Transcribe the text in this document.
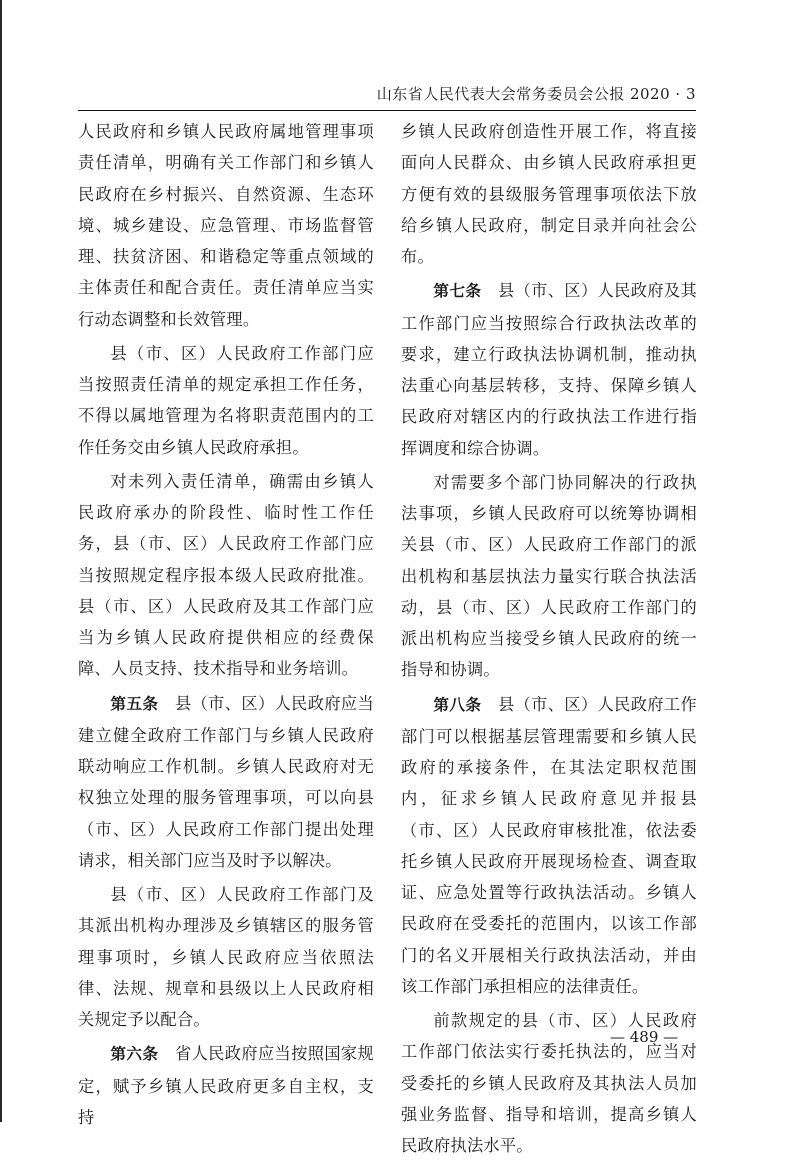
山东省人民代表大会常务委员会公报 2020 · 3

人民政府和乡镇人民政府属地管理事项责任清单，明确有关工作部门和乡镇人民政府在乡村振兴、自然资源、生态环境、城乡建设、应急管理、市场监督管理、扶贫济困、和谐稳定等重点领域的主体责任和配合责任。责任清单应当实行动态调整和长效管理。

县（市、区）人民政府工作部门应当按照责任清单的规定承担工作任务，不得以属地管理为名将职责范围内的工作任务交由乡镇人民政府承担。

对未列入责任清单，确需由乡镇人民政府承办的阶段性、临时性工作任务，县（市、区）人民政府工作部门应当按照规定程序报本级人民政府批准。县（市、区）人民政府及其工作部门应当为乡镇人民政府提供相应的经费保障、人员支持、技术指导和业务培训。

第五条　县（市、区）人民政府应当建立健全政府工作部门与乡镇人民政府联动响应工作机制。乡镇人民政府对无权独立处理的服务管理事项，可以向县（市、区）人民政府工作部门提出处理请求，相关部门应当及时予以解决。

县（市、区）人民政府工作部门及其派出机构办理涉及乡镇辖区的服务管理事项时，乡镇人民政府应当依照法律、法规、规章和县级以上人民政府相关规定予以配合。

第六条　省人民政府应当按照国家规定，赋予乡镇人民政府更多自主权，支持

乡镇人民政府创造性开展工作，将直接面向人民群众、由乡镇人民政府承担更方便有效的县级服务管理事项依法下放给乡镇人民政府，制定目录并向社会公布。

第七条　县（市、区）人民政府及其工作部门应当按照综合行政执法改革的要求，建立行政执法协调机制，推动执法重心向基层转移，支持、保障乡镇人民政府对辖区内的行政执法工作进行指挥调度和综合协调。

对需要多个部门协同解决的行政执法事项，乡镇人民政府可以统筹协调相关县（市、区）人民政府工作部门的派出机构和基层执法力量实行联合执法活动，县（市、区）人民政府工作部门的派出机构应当接受乡镇人民政府的统一指导和协调。

第八条　县（市、区）人民政府工作部门可以根据基层管理需要和乡镇人民政府的承接条件，在其法定职权范围内，征求乡镇人民政府意见并报县（市、区）人民政府审核批准，依法委托乡镇人民政府开展现场检查、调查取证、应急处置等行政执法活动。乡镇人民政府在受委托的范围内，以该工作部门的名义开展相关行政执法活动，并由该工作部门承担相应的法律责任。

前款规定的县（市、区）人民政府工作部门依法实行委托执法的，应当对受委托的乡镇人民政府及其执法人员加强业务监督、指导和培训，提高乡镇人民政府执法水平。

— 489 —
